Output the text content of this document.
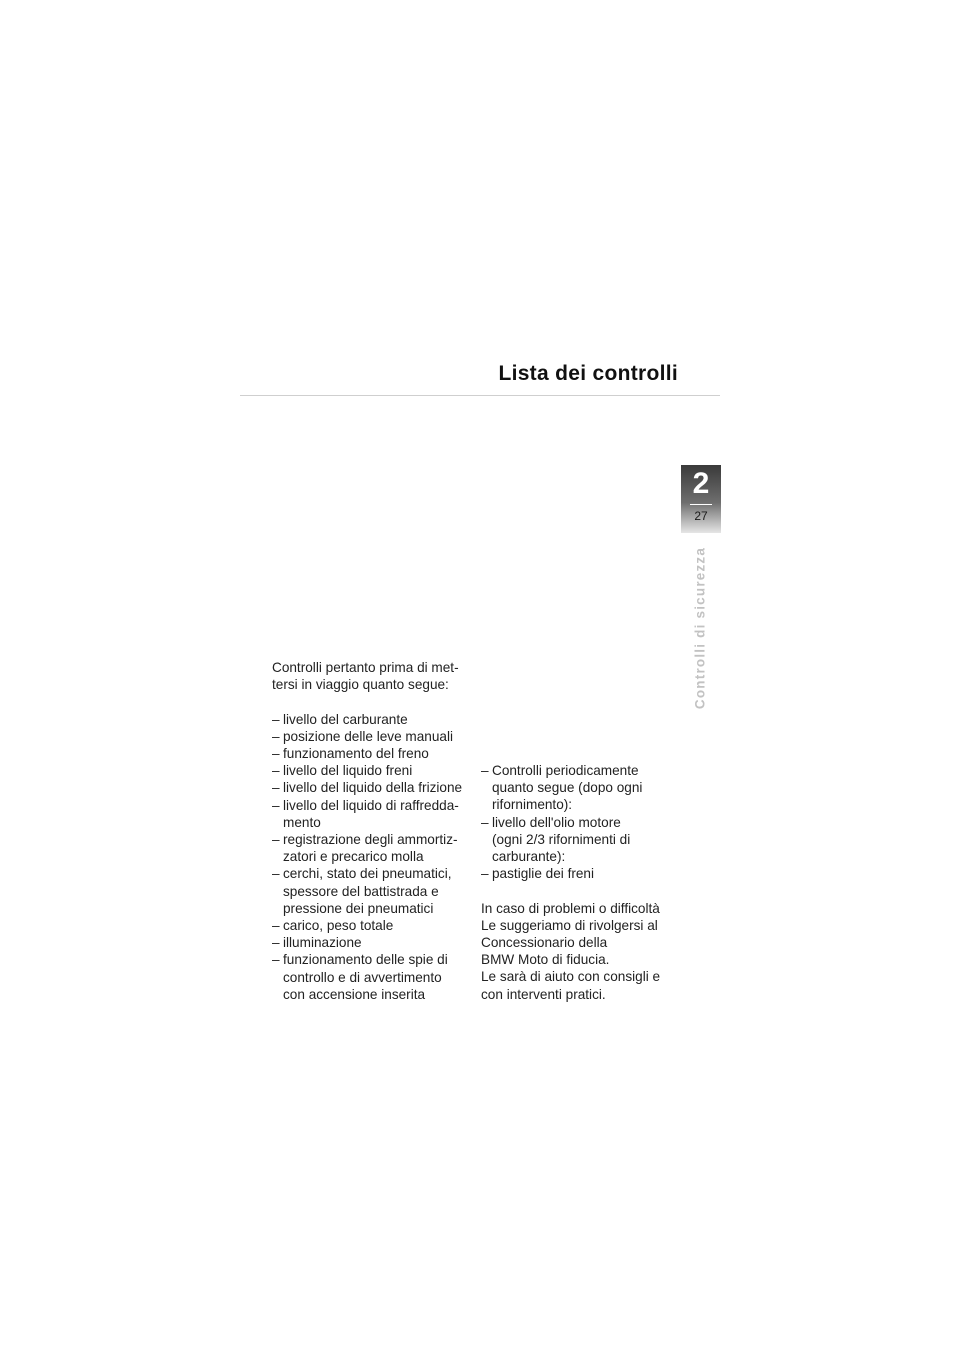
Lista dei controlli
2
27
Controlli di sicurezza

Controlli pertanto prima di met-
tersi in viaggio quanto segue:

– livello del carburante
– posizione delle leve manuali
– funzionamento del freno
– livello del liquido freni
– livello del liquido della frizione
– livello del liquido di raffredda-
mento
– registrazione degli ammortiz-
zatori e precarico molla
– cerchi, stato dei pneumatici,
spessore del battistrada e
pressione dei pneumatici
– carico, peso totale
– illuminazione
– funzionamento delle spie di
controllo e di avvertimento
con accensione inserita
– Controlli periodicamente
quanto segue (dopo ogni
rifornimento):
– livello dell'olio motore
(ogni 2/3 rifornimenti di
carburante):
– pastiglie dei freni

In caso di problemi o difficoltà
Le suggeriamo di rivolgersi al
Concessionario della
BMW Moto di fiducia.
Le sarà di aiuto con consigli e
con interventi pratici.
